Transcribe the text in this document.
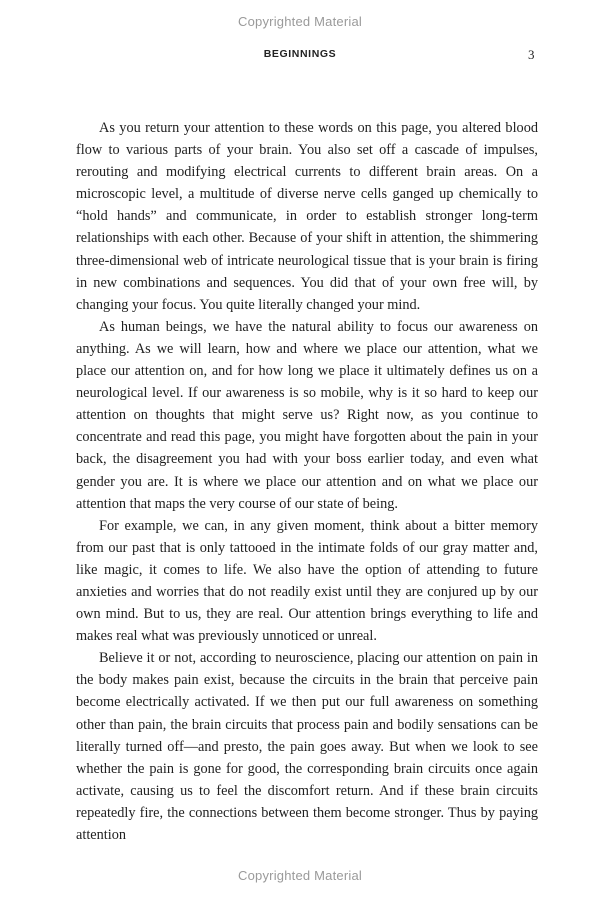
Copyrighted Material
BEGINNINGS	3

As you return your attention to these words on this page, you altered blood flow to various parts of your brain. You also set off a cascade of impulses, rerouting and modifying electrical currents to different brain areas. On a microscopic level, a multitude of diverse nerve cells ganged up chemically to “hold hands” and communicate, in order to establish stronger long-term relationships with each other. Because of your shift in attention, the shimmering three-dimensional web of intricate neurological tissue that is your brain is firing in new combinations and sequences. You did that of your own free will, by changing your focus. You quite literally changed your mind.

As human beings, we have the natural ability to focus our awareness on anything. As we will learn, how and where we place our attention, what we place our attention on, and for how long we place it ultimately defines us on a neurological level. If our awareness is so mobile, why is it so hard to keep our attention on thoughts that might serve us? Right now, as you continue to concentrate and read this page, you might have forgotten about the pain in your back, the disagreement you had with your boss earlier today, and even what gender you are. It is where we place our attention and on what we place our attention that maps the very course of our state of being.

For example, we can, in any given moment, think about a bitter memory from our past that is only tattooed in the intimate folds of our gray matter and, like magic, it comes to life. We also have the option of attending to future anxieties and worries that do not readily exist until they are conjured up by our own mind. But to us, they are real. Our attention brings everything to life and makes real what was previously unnoticed or unreal.

Believe it or not, according to neuroscience, placing our attention on pain in the body makes pain exist, because the circuits in the brain that perceive pain become electrically activated. If we then put our full awareness on something other than pain, the brain circuits that process pain and bodily sensations can be literally turned off—and presto, the pain goes away. But when we look to see whether the pain is gone for good, the corresponding brain circuits once again activate, causing us to feel the discomfort return. And if these brain circuits repeatedly fire, the connections between them become stronger. Thus by paying attention

Copyrighted Material
